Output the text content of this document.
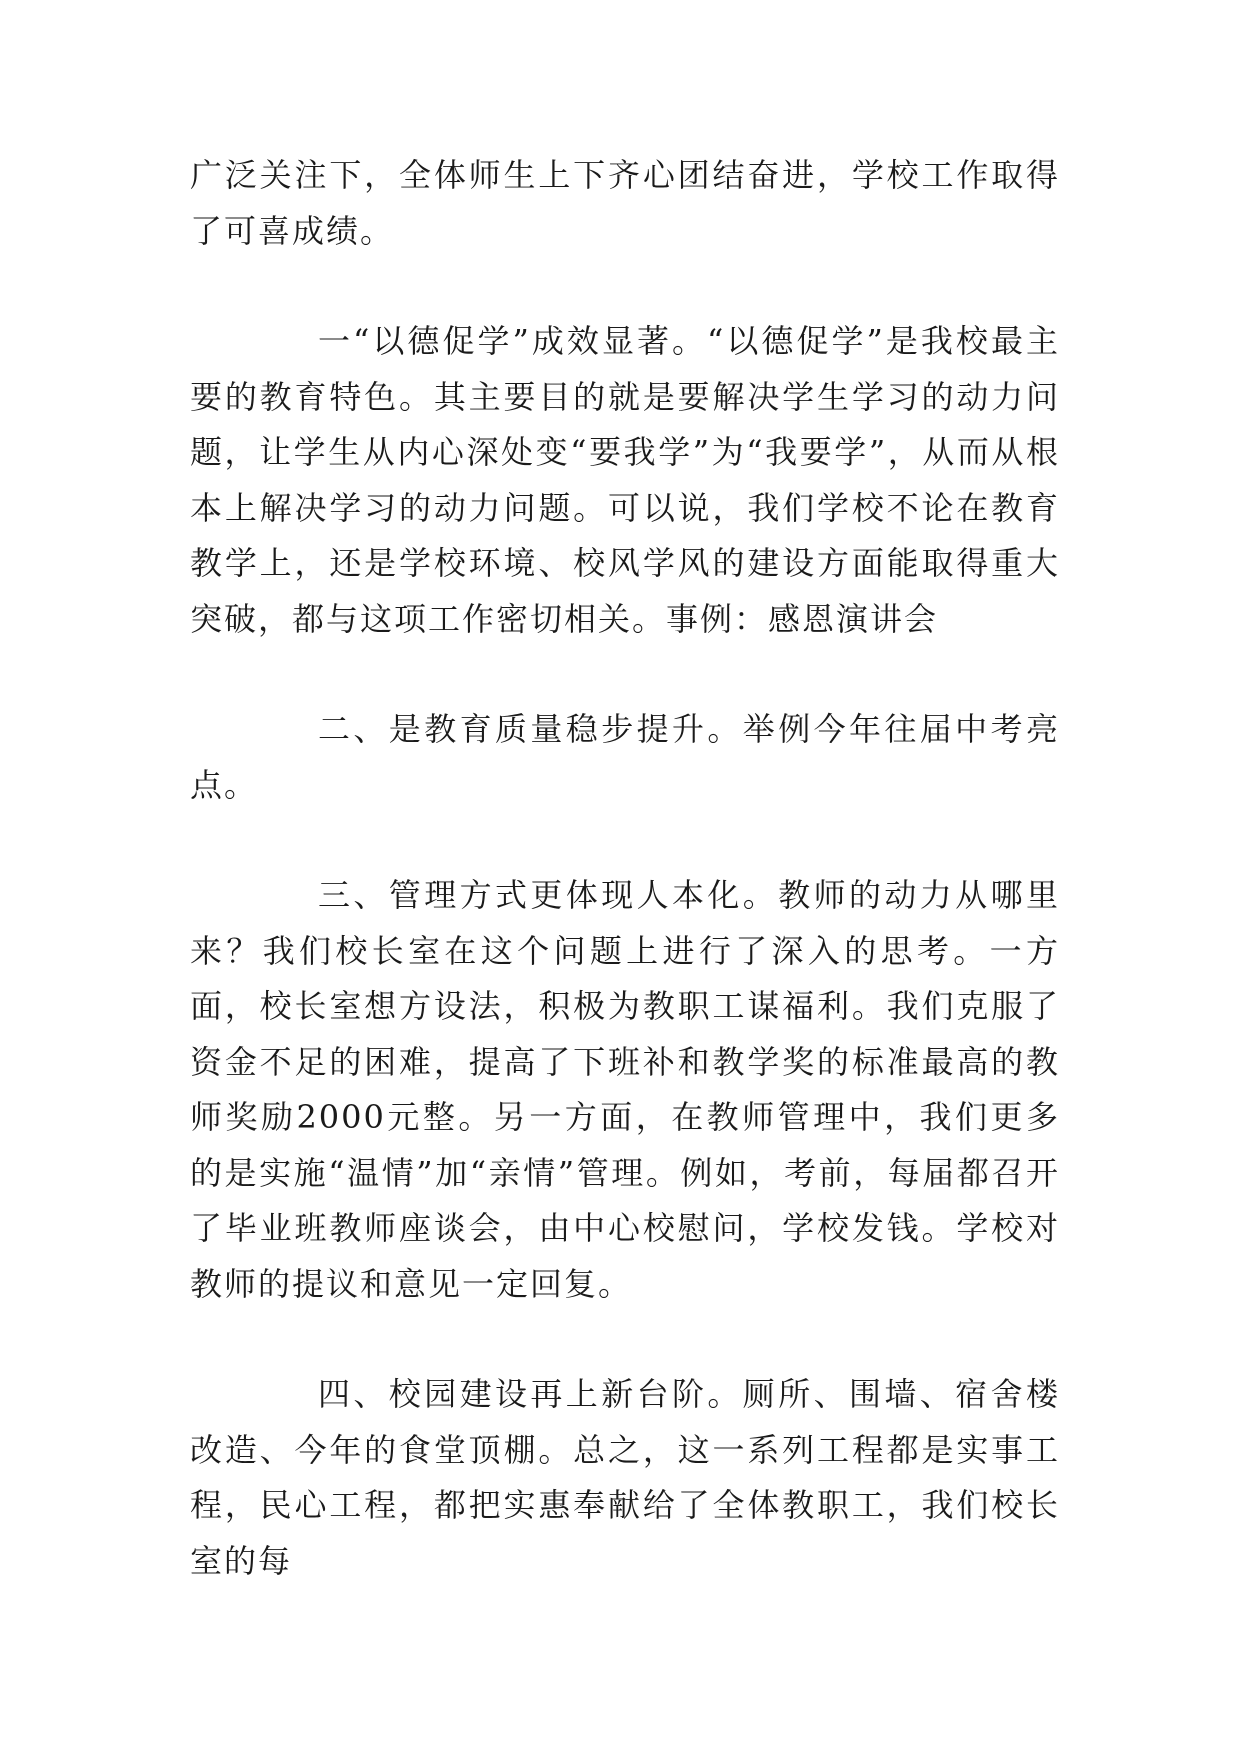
广泛关注下，全体师生上下齐心团结奋进，学校工作取得了可喜成绩。

一“以德促学”成效显著。“以德促学”是我校最主要的教育特色。其主要目的就是要解决学生学习的动力问题，让学生从内心深处变“要我学”为“我要学”，从而从根本上解决学习的动力问题。可以说，我们学校不论在教育教学上，还是学校环境、校风学风的建设方面能取得重大突破，都与这项工作密切相关。事例：感恩演讲会

二、是教育质量稳步提升。举例今年往届中考亮点。

三、管理方式更体现人本化。教师的动力从哪里来？我们校长室在这个问题上进行了深入的思考。一方面，校长室想方设法，积极为教职工谋福利。我们克服了资金不足的困难，提高了下班补和教学奖的标准最高的教师奖励2000元整。另一方面，在教师管理中，我们更多的是实施“温情”加“亲情”管理。例如，考前，每届都召开了毕业班教师座谈会，由中心校慰问，学校发钱。学校对教师的提议和意见一定回复。

四、校园建设再上新台阶。厕所、围墙、宿舍楼改造、今年的食堂顶棚。总之，这一系列工程都是实事工程，民心工程，都把实惠奉献给了全体教职工，我们校长室的每
